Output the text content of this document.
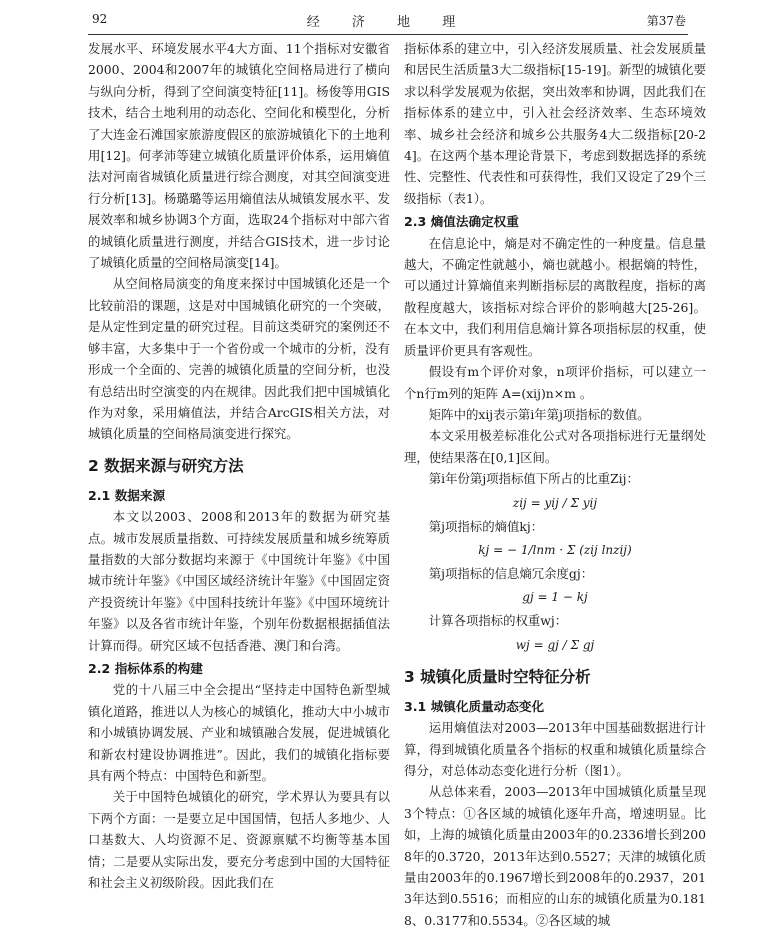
92	经 济 地 理	第37卷

发展水平、环境发展水平4大方面、11个指标对安徽省2000、2004和2007年的城镇化空间格局进行了横向与纵向分析，得到了空间演变特征[11]。杨俊等用GIS技术，结合土地利用的动态化、空间化和模型化，分析了大连金石滩国家旅游度假区的旅游城镇化下的土地利用[12]。何孝沛等建立城镇化质量评价体系，运用熵值法对河南省城镇化质量进行综合测度，对其空间演变进行分析[13]。杨璐璐等运用熵值法从城镇发展水平、发展效率和城乡协调3个方面，选取24个指标对中部六省的城镇化质量进行测度，并结合GIS技术，进一步讨论了城镇化质量的空间格局演变[14]。

从空间格局演变的角度来探讨中国城镇化还是一个比较前沿的课题，这是对中国城镇化研究的一个突破，是从定性到定量的研究过程。目前这类研究的案例还不够丰富，大多集中于一个省份或一个城市的分析，没有形成一个全面的、完善的城镇化质量的空间分析，也没有总结出时空演变的内在规律。因此我们把中国城镇化作为对象，采用熵值法，并结合ArcGIS相关方法，对城镇化质量的空间格局演变进行探究。

2 数据来源与研究方法
2.1 数据来源

本文以2003、2008和2013年的数据为研究基点。城市发展质量指数、可持续发展质量和城乡统筹质量指数的大部分数据均来源于《中国统计年鉴》《中国城市统计年鉴》《中国区域经济统计年鉴》《中国固定资产投资统计年鉴》《中国科技统计年鉴》《中国环境统计年鉴》以及各省市统计年鉴，个别年份数据根据插值法计算而得。研究区域不包括香港、澳门和台湾。

2.2 指标体系的构建

党的十八届三中全会提出“坚持走中国特色新型城镇化道路，推进以人为核心的城镇化，推动大中小城市和小城镇协调发展、产业和城镇融合发展，促进城镇化和新农村建设协调推进”。因此，我们的城镇化指标要具有两个特点：中国特色和新型。

关于中国特色城镇化的研究，学术界认为要具有以下两个方面：一是要立足中国国情，包括人多地少、人口基数大、人均资源不足、资源禀赋不均衡等基本国情；二是要从实际出发，要充分考虑到中国的大国特征和社会主义初级阶段。因此我们在

指标体系的建立中，引入经济发展质量、社会发展质量和居民生活质量3大二级指标[15-19]。新型的城镇化要求以科学发展观为依据，突出效率和协调，因此我们在指标体系的建立中，引入社会经济效率、生态环境效率、城乡社会经济和城乡公共服务4大二级指标[20-24]。在这两个基本理论背景下，考虑到数据选择的系统性、完整性、代表性和可获得性，我们又设定了29个三级指标（表1）。

2.3 熵值法确定权重

在信息论中，熵是对不确定性的一种度量。信息量越大，不确定性就越小，熵也就越小。根据熵的特性，可以通过计算熵值来判断指标层的离散程度，指标的离散程度越大，该指标对综合评价的影响越大[25-26]。在本文中，我们利用信息熵计算各项指标层的权重，使质量评价更具有客观性。

假设有m个评价对象，n项评价指标，可以建立一个n行m列的矩阵 A=(xij)n×m 。

矩阵中的xij表示第i年第j项指标的数值。

本文采用极差标准化公式对各项指标进行无量纲处理，使结果落在[0,1]区间。

第i年份第j项指标值下所占的比重Zij：

zij = yij / Σ yij

第j项指标的熵值kj：

kj = − 1/lnm · Σ (zij lnzij)

第j项指标的信息熵冗余度gj：

gj = 1 − kj

计算各项指标的权重wj：

wj = gj / Σ gj
3 城镇化质量时空特征分析
3.1 城镇化质量动态变化

运用熵值法对2003—2013年中国基础数据进行计算，得到城镇化质量各个指标的权重和城镇化质量综合得分，对总体动态变化进行分析（图1）。

从总体来看，2003—2013年中国城镇化质量呈现3个特点：①各区域的城镇化逐年升高，增速明显。比如，上海的城镇化质量由2003年的0.2336增长到2008年的0.3720，2013年达到0.5527；天津的城镇化质量由2003年的0.1967增长到2008年的0.2937，2013年达到0.5516；而相应的山东的城镇化质量为0.1818、0.3177和0.5534。②各区域的城
